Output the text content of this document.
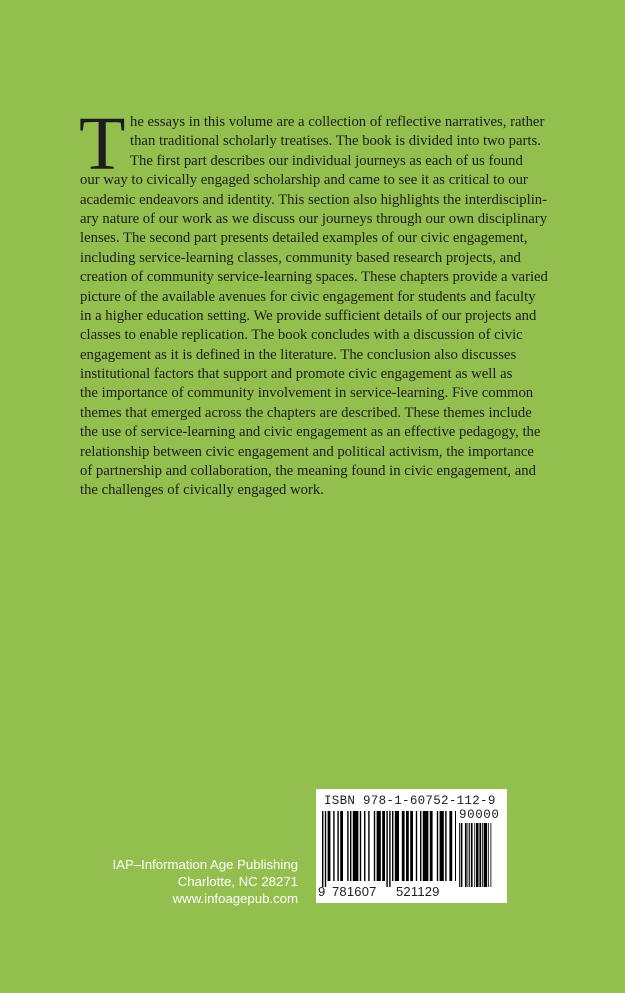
T he essays in this volume are a collection of reflective narratives, rather
than traditional scholarly treatises. The book is divided into two parts.
The first part describes our individual journeys as each of us found
our way to civically engaged scholarship and came to see it as critical to our
academic endeavors and identity. This section also highlights the interdisciplin-
ary nature of our work as we discuss our journeys through our own disciplinary
lenses. The second part presents detailed examples of our civic engagement,
including service-learning classes, community based research projects, and
creation of community service-learning spaces. These chapters provide a varied
picture of the available avenues for civic engagement for students and faculty
in a higher education setting. We provide sufficient details of our projects and
classes to enable replication. The book concludes with a discussion of civic
engagement as it is defined in the literature. The conclusion also discusses
institutional factors that support and promote civic engagement as well as
the importance of community involvement in service-learning. Five common
themes that emerged across the chapters are described. These themes include
the use of service-learning and civic engagement as an effective pedagogy, the
relationship between civic engagement and political activism, the importance
of partnership and collaboration, the meaning found in civic engagement, and
the challenges of civically engaged work.
IAP–Information Age Publishing
Charlotte, NC 28271
www.infoagepub.com
ISBN 978-1-60752-112-9
90000
9 781607 521129
